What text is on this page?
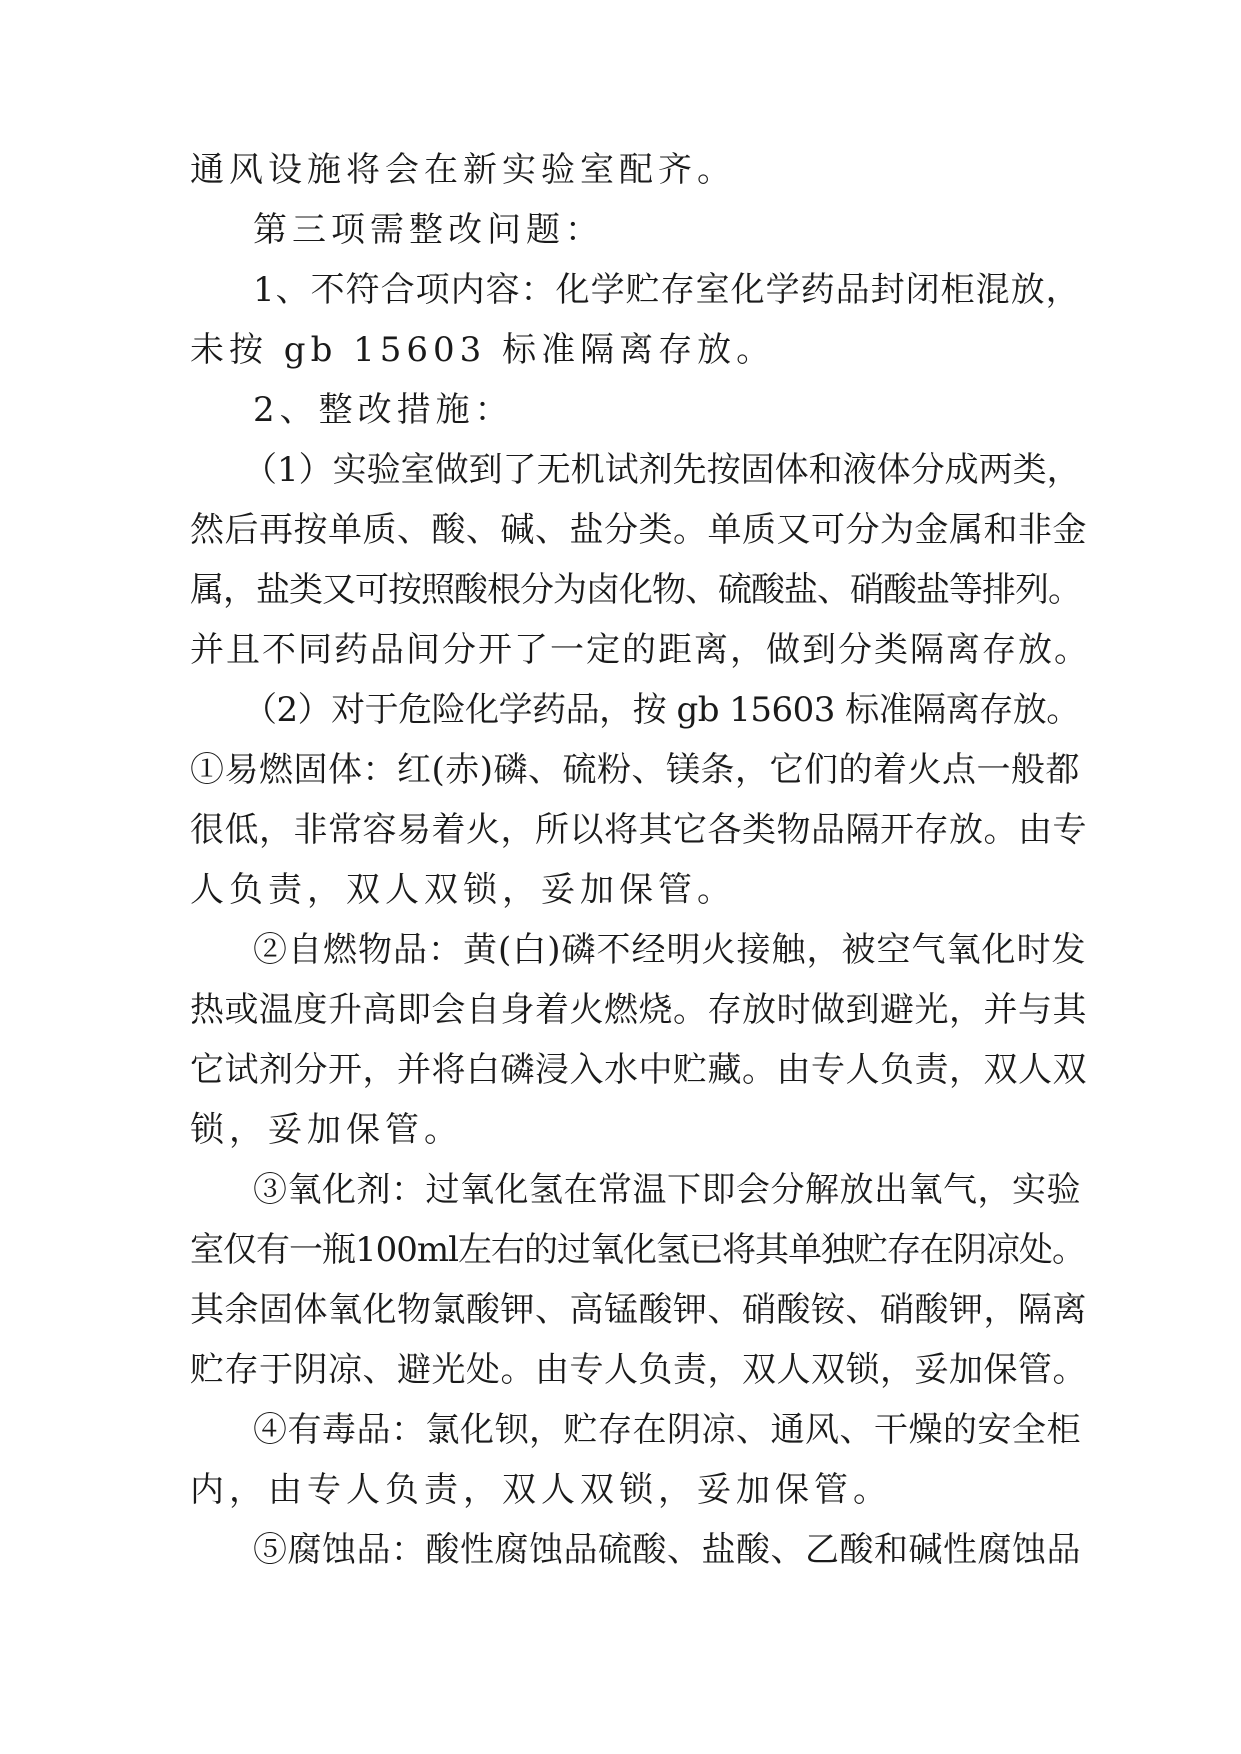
通风设施将会在新实验室配齐。
第三项需整改问题：
1、不符合项内容：化学贮存室化学药品封闭柜混放，
未按 gb 15603 标准隔离存放。
2、整改措施：
（1）实验室做到了无机试剂先按固体和液体分成两类，
然后再按单质、酸、碱、盐分类。单质又可分为金属和非金
属，盐类又可按照酸根分为卤化物、硫酸盐、硝酸盐等排列。
并且不同药品间分开了一定的距离，做到分类隔离存放。
（2）对于危险化学药品，按 gb 15603 标准隔离存放。
①易燃固体：红(赤)磷、硫粉、镁条，它们的着火点一般都
很低，非常容易着火，所以将其它各类物品隔开存放。由专
人负责，双人双锁，妥加保管。
②自燃物品：黄(白)磷不经明火接触，被空气氧化时发
热或温度升高即会自身着火燃烧。存放时做到避光，并与其
它试剂分开，并将白磷浸入水中贮藏。由专人负责，双人双
锁，妥加保管。
③氧化剂：过氧化氢在常温下即会分解放出氧气，实验
室仅有一瓶100ml左右的过氧化氢已将其单独贮存在阴凉处。
其余固体氧化物氯酸钾、高锰酸钾、硝酸铵、硝酸钾，隔离
贮存于阴凉、避光处。由专人负责，双人双锁，妥加保管。
④有毒品：氯化钡，贮存在阴凉、通风、干燥的安全柜
内，由专人负责，双人双锁，妥加保管。
⑤腐蚀品：酸性腐蚀品硫酸、盐酸、乙酸和碱性腐蚀品
